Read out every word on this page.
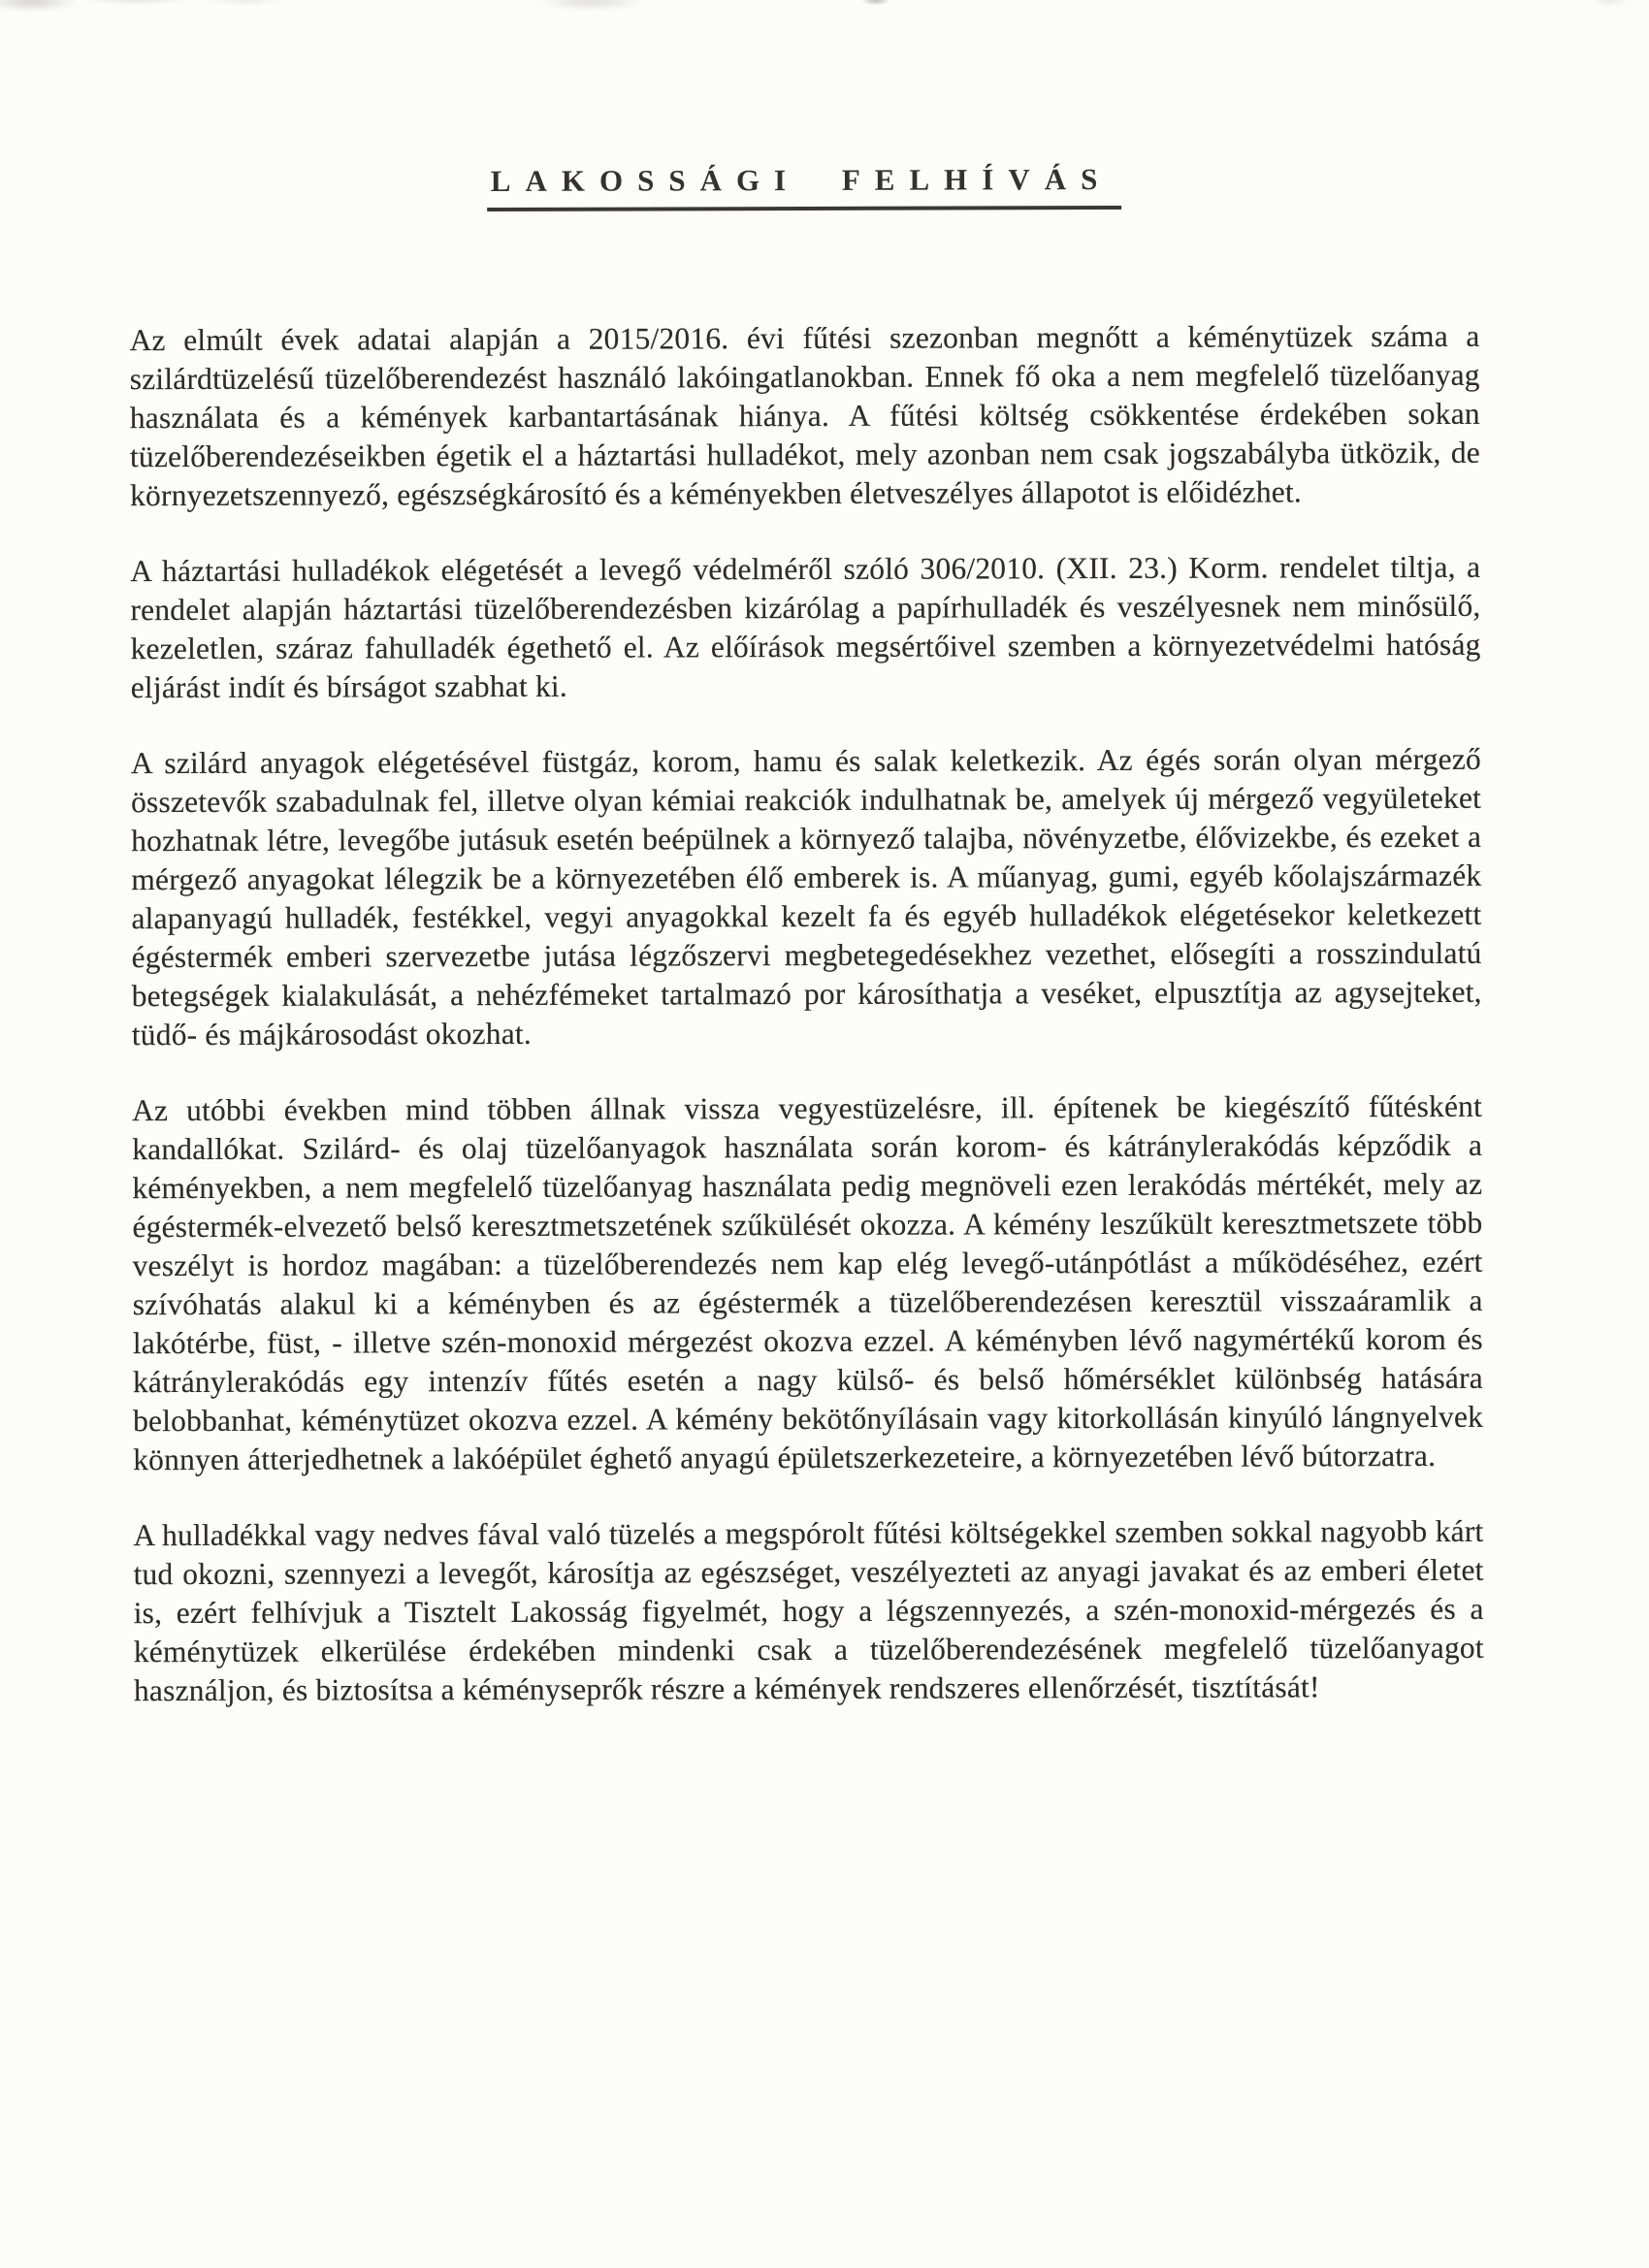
LAKOSSÁGI FELHÍVÁS

Az elmúlt évek adatai alapján a 2015/2016. évi fűtési szezonban megnőtt a kéménytüzek száma a szilárdtüzelésű tüzelőberendezést használó lakóingatlanokban. Ennek fő oka a nem megfelelő tüzelőanyag használata és a kémények karbantartásának hiánya. A fűtési költség csökkentése érdekében sokan tüzelőberendezéseikben égetik el a háztartási hulladékot, mely azonban nem csak jogszabályba ütközik, de környezetszennyező, egészségkárosító és a kéményekben életveszélyes állapotot is előidézhet.

A háztartási hulladékok elégetését a levegő védelméről szóló 306/2010. (XII. 23.) Korm. rendelet tiltja, a rendelet alapján háztartási tüzelőberendezésben kizárólag a papírhulladék és veszélyesnek nem minősülő, kezeletlen, száraz fahulladék égethető el. Az előírások megsértőivel szemben a környezetvédelmi hatóság eljárást indít és bírságot szabhat ki.

A szilárd anyagok elégetésével füstgáz, korom, hamu és salak keletkezik. Az égés során olyan mérgező összetevők szabadulnak fel, illetve olyan kémiai reakciók indulhatnak be, amelyek új mérgező vegyületeket hozhatnak létre, levegőbe jutásuk esetén beépülnek a környező talajba, növényzetbe, élővizekbe, és ezeket a mérgező anyagokat lélegzik be a környezetében élő emberek is. A műanyag, gumi, egyéb kőolajszármazék alapanyagú hulladék, festékkel, vegyi anyagokkal kezelt fa és egyéb hulladékok elégetésekor keletkezett égéstermék emberi szervezetbe jutása légzőszervi megbetegedésekhez vezethet, elősegíti a rosszindulatú betegségek kialakulását, a nehézfémeket tartalmazó por károsíthatja a veséket, elpusztítja az agysejteket, tüdő- és májkárosodást okozhat.

Az utóbbi években mind többen állnak vissza vegyestüzelésre, ill. építenek be kiegészítő fűtésként kandallókat. Szilárd- és olaj tüzelőanyagok használata során korom- és kátránylerakódás képződik a kéményekben, a nem megfelelő tüzelőanyag használata pedig megnöveli ezen lerakódás mértékét, mely az égéstermék-elvezető belső keresztmetszetének szűkülését okozza. A kémény leszűkült keresztmetszete több veszélyt is hordoz magában: a tüzelőberendezés nem kap elég levegő-utánpótlást a működéséhez, ezért szívóhatás alakul ki a kéményben és az égéstermék a tüzelőberendezésen keresztül visszaáramlik a lakótérbe, füst, - illetve szén-monoxid mérgezést okozva ezzel. A kéményben lévő nagymértékű korom és kátránylerakódás egy intenzív fűtés esetén a nagy külső- és belső hőmérséklet különbség hatására belobbanhat, kéménytüzet okozva ezzel. A kémény bekötőnyílásain vagy kitorkollásán kinyúló lángnyelvek könnyen átterjedhetnek a lakóépület éghető anyagú épületszerkezeteire, a környezetében lévő bútorzatra.

A hulladékkal vagy nedves fával való tüzelés a megspórolt fűtési költségekkel szemben sokkal nagyobb kárt tud okozni, szennyezi a levegőt, károsítja az egészséget, veszélyezteti az anyagi javakat és az emberi életet is, ezért felhívjuk a Tisztelt Lakosság figyelmét, hogy a légszennyezés, a szén-monoxid-mérgezés és a kéménytüzek elkerülése érdekében mindenki csak a tüzelőberendezésének megfelelő tüzelőanyagot használjon, és biztosítsa a kéményseprők részre a kémények rendszeres ellenőrzését, tisztítását!
